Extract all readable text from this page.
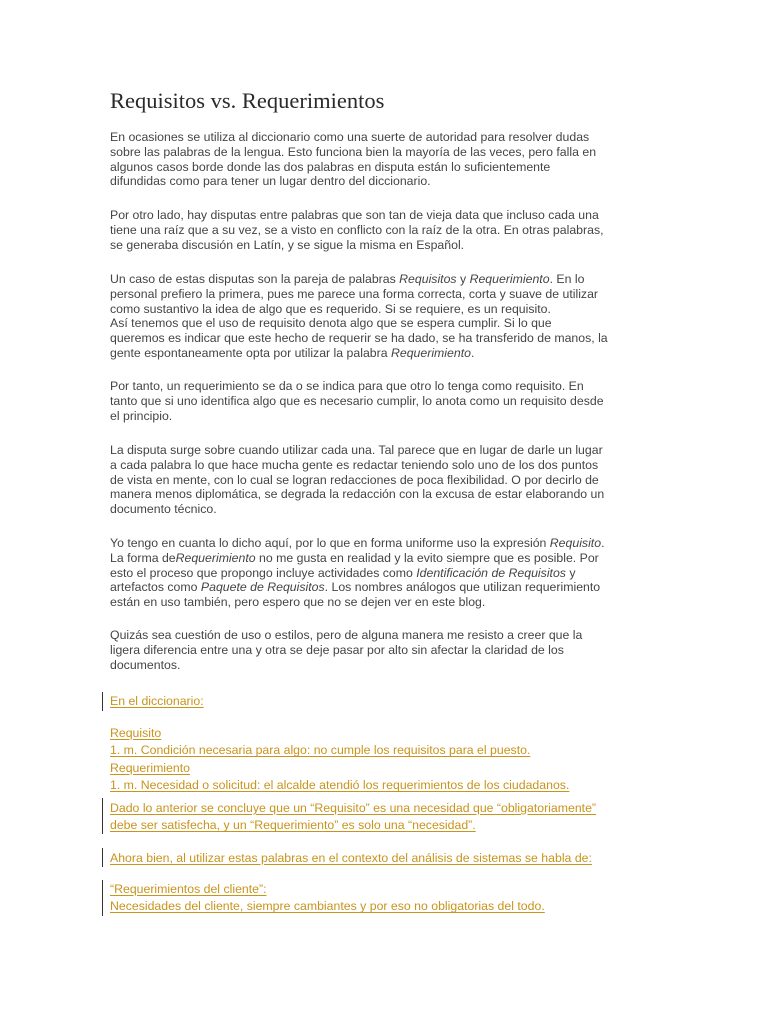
Requisitos vs. Requerimientos

En ocasiones se utiliza al diccionario como una suerte de autoridad para resolver dudas
sobre las palabras de la lengua. Esto funciona bien la mayoría de las veces, pero falla en
algunos casos borde donde las dos palabras en disputa están lo suficientemente
difundidas como para tener un lugar dentro del diccionario.

Por otro lado, hay disputas entre palabras que son tan de vieja data que incluso cada una
tiene una raíz que a su vez, se a visto en conflicto con la raíz de la otra. En otras palabras,
se generaba discusión en Latín, y se sigue la misma en Español.

Un caso de estas disputas son la pareja de palabras Requisitos y Requerimiento. En lo
personal prefiero la primera, pues me parece una forma correcta, corta y suave de utilizar
como sustantivo la idea de algo que es requerido. Si se requiere, es un requisito.
Así tenemos que el uso de requisito denota algo que se espera cumplir. Si lo que
queremos es indicar que este hecho de requerir se ha dado, se ha transferido de manos, la
gente espontaneamente opta por utilizar la palabra Requerimiento.

Por tanto, un requerimiento se da o se indica para que otro lo tenga como requisito. En
tanto que si uno identifica algo que es necesario cumplir, lo anota como un requisito desde
el principio.

La disputa surge sobre cuando utilizar cada una. Tal parece que en lugar de darle un lugar
a cada palabra lo que hace mucha gente es redactar teniendo solo uno de los dos puntos
de vista en mente, con lo cual se logran redacciones de poca flexibilidad. O por decirlo de
manera menos diplomática, se degrada la redacción con la excusa de estar elaborando un
documento técnico.

Yo tengo en cuanta lo dicho aquí, por lo que en forma uniforme uso la expresión Requisito.
La forma deRequerimiento no me gusta en realidad y la evito siempre que es posible. Por
esto el proceso que propongo incluye actividades como Identificación de Requisitos y
artefactos como Paquete de Requisitos. Los nombres análogos que utilizan requerimiento
están en uso también, pero espero que no se dejen ver en este blog.

Quizás sea cuestión de uso o estilos, pero de alguna manera me resisto a creer que la
ligera diferencia entre una y otra se deje pasar por alto sin afectar la claridad de los
documentos.

En el diccionario:
Requisito
1. m. Condición necesaria para algo: no cumple los requisitos para el puesto.
Requerimiento
1. m. Necesidad o solicitud: el alcalde atendió los requerimientos de los ciudadanos.
Dado lo anterior se concluye que un “Requisito” es una necesidad que “obligatoriamente”
debe ser satisfecha, y un “Requerimiento” es solo una “necesidad”.
Ahora bien, al utilizar estas palabras en el contexto del análisis de sistemas se habla de:
“Requerimientos del cliente”:
Necesidades del cliente, siempre cambiantes y por eso no obligatorias del todo.
